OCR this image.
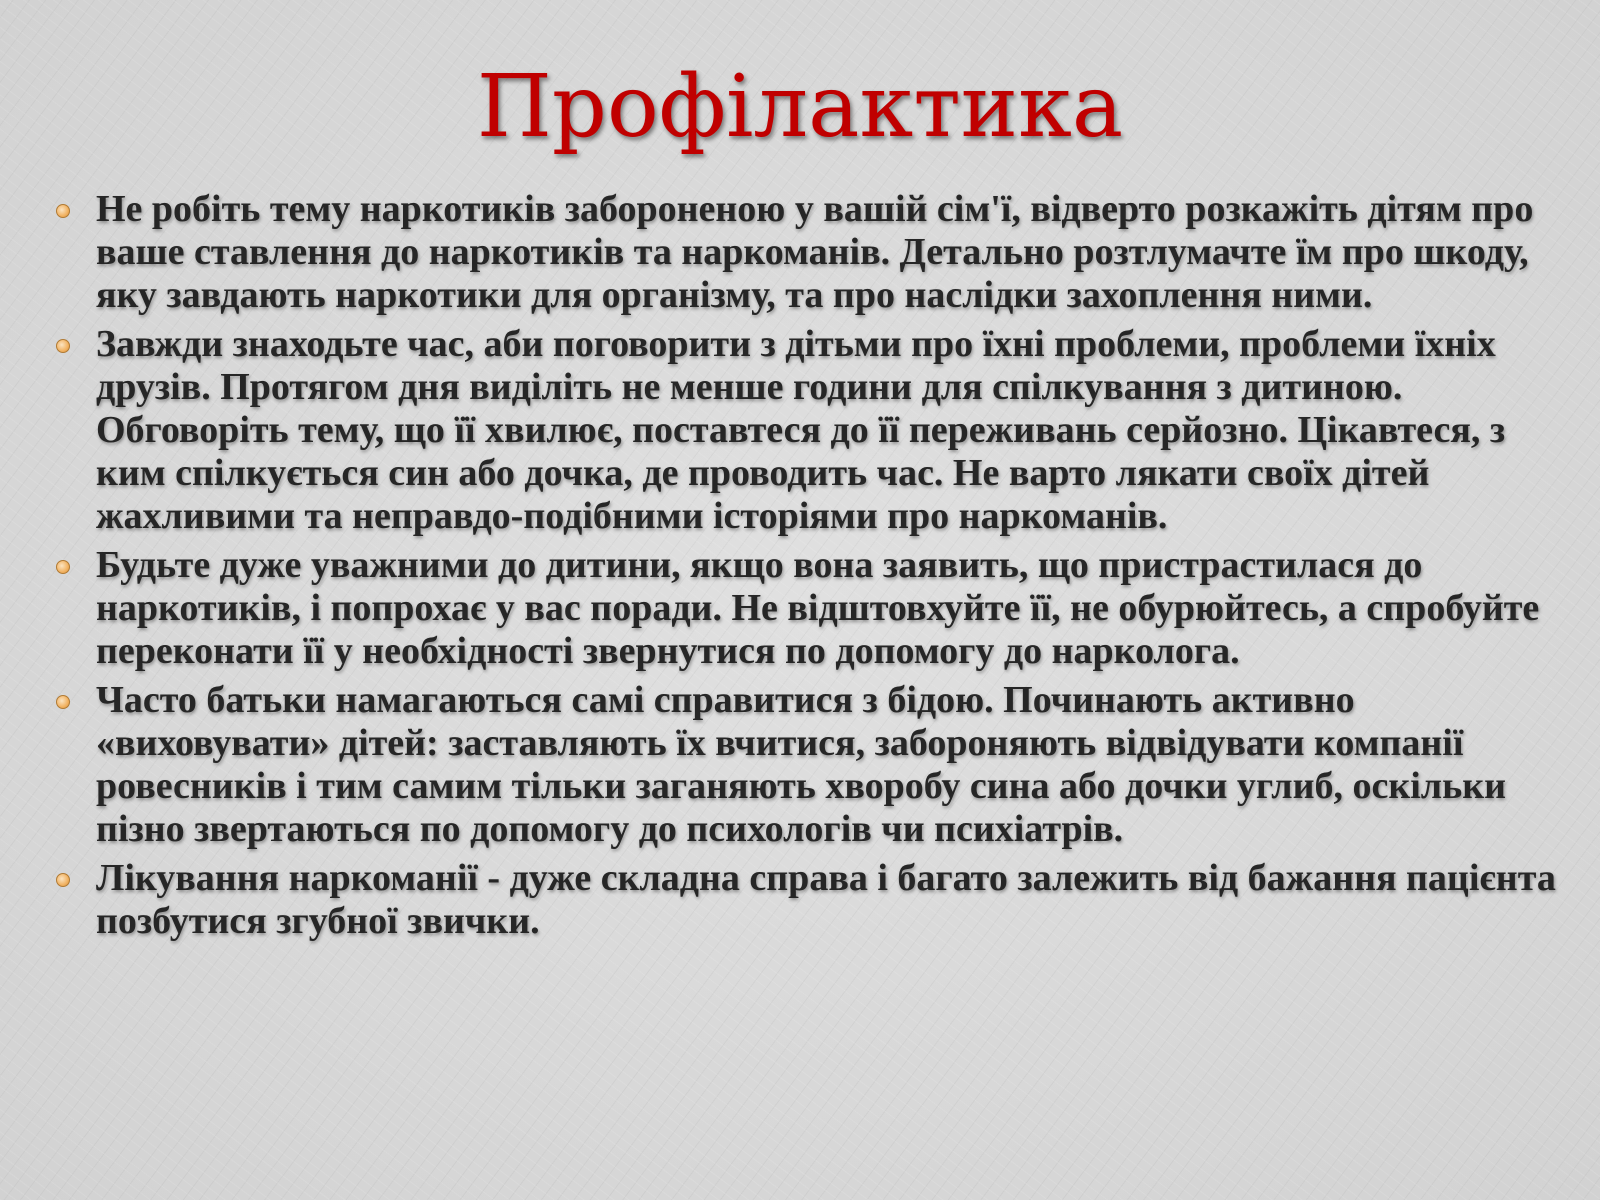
Профілактика
Не робіть тему наркотиків забороненою у вашій сім'ї, відверто розкажіть дітям про ваше ставлення до наркотиків та наркоманів. Детально розтлумачте їм про шкоду, яку завдають наркотики для організму, та про наслідки захоплення ними.
Завжди знаходьте час, аби поговорити з дітьми про їхні проблеми, проблеми їхніх друзів. Протягом дня виділіть не менше години для спілкування з дитиною. Обговоріть тему, що її хвилює, поставтеся до її переживань серйозно. Цікавтеся, з ким спілкується син або дочка, де проводить час. Не варто лякати своїх дітей жахливими та неправдо-подібними історіями про наркоманів.
Будьте дуже уважними до дитини, якщо вона заявить, що пристрастилася до наркотиків, і попрохає у вас поради. Не відштовхуйте її, не обурюйтесь, а спробуйте переконати її у необхідності звернутися по допомогу до нарколога.
Часто батьки намагаються самі справитися з бідою. Починають активно «виховувати» дітей: заставляють їх вчитися, забороняють відвідувати компанії ровесників і тим самим тільки заганяють хворобу сина або дочки углиб, оскільки пізно звертаються по допомогу до психологів чи психіатрів.
Лікування наркоманії - дуже складна справа і багато залежить від бажання пацієнта позбутися згубної звички.
